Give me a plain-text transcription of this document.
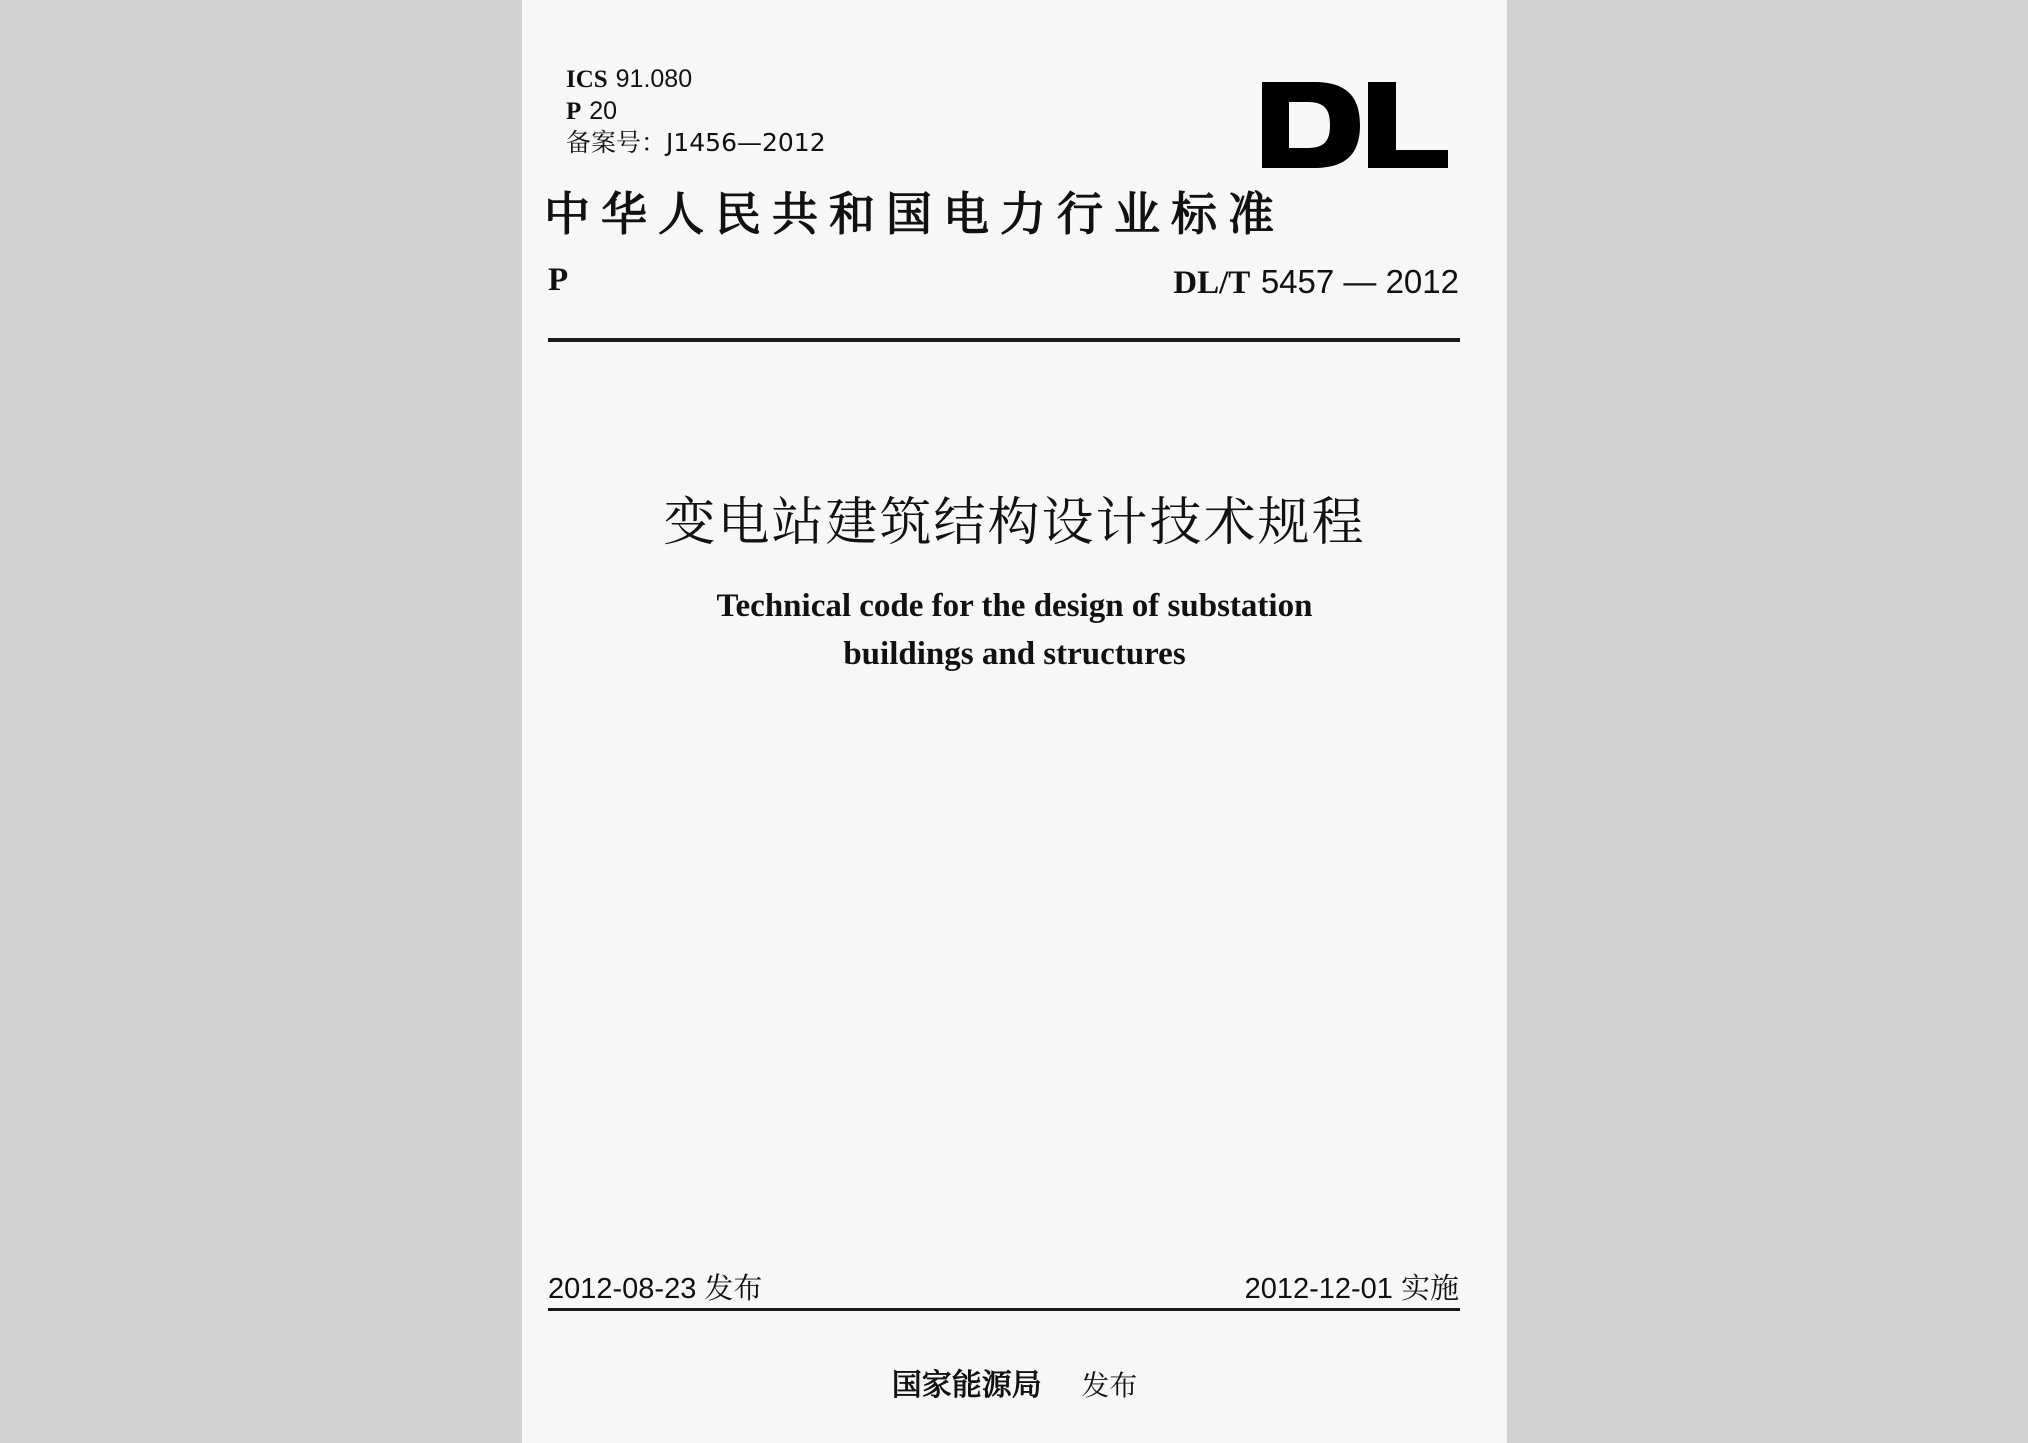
ICS 91.080
P 20
备案号：J1456—2012
中华人民共和国电力行业标准
P	DL/T 5457 — 2012
变电站建筑结构设计技术规程
Technical code for the design of substation
buildings and structures
2012-08-23 发布	2012-12-01 实施
国家能源局 发布
